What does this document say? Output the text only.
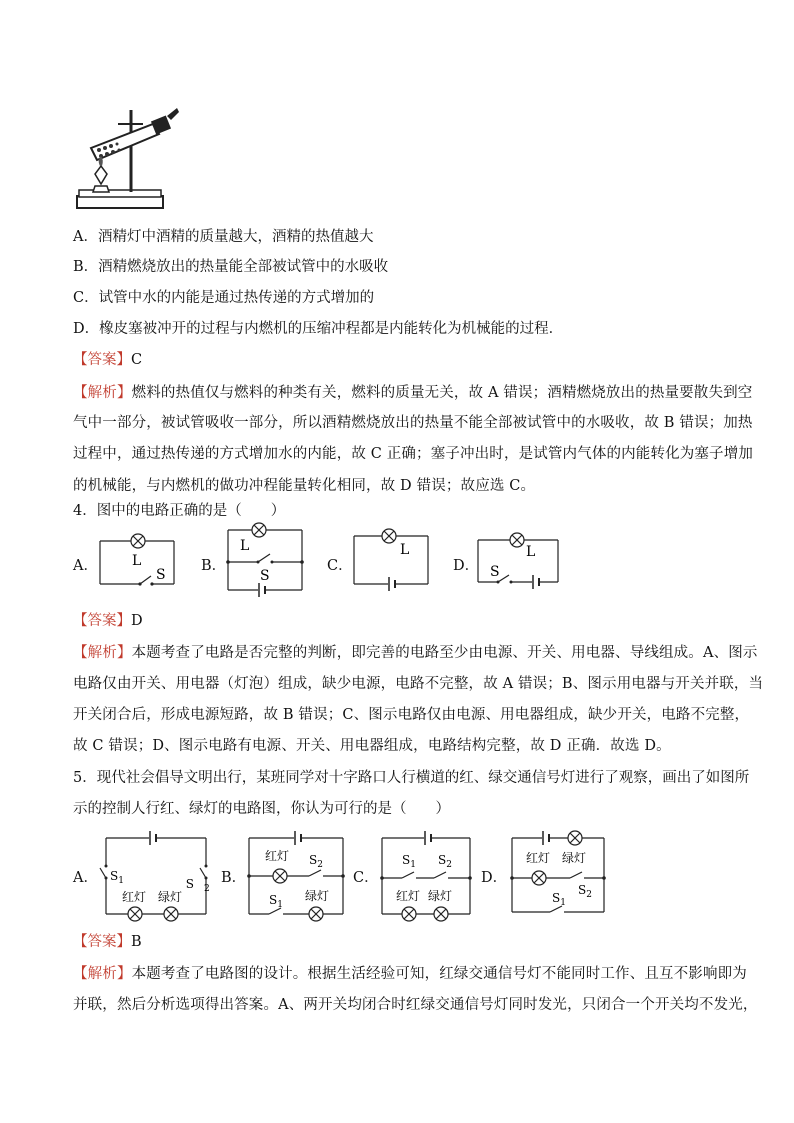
A．酒精灯中酒精的质量越大，酒精的热值越大
B．酒精燃烧放出的热量能全部被试管中的水吸收
C．试管中水的内能是通过热传递的方式增加的
D．橡皮塞被冲开的过程与内燃机的压缩冲程都是内能转化为机械能的过程．
【答案】C
【解析】燃料的热值仅与燃料的种类有关，燃料的质量无关，故 A 错误；酒精燃烧放出的热量要散失到空
气中一部分，被试管吸收一部分，所以酒精燃烧放出的热量不能全部被试管中的水吸收，故 B 错误；加热
过程中，通过热传递的方式增加水的内能，故 C 正确；塞子冲出时，是试管内气体的内能转化为塞子增加
的机械能，与内燃机的做功冲程能量转化相同，故 D 错误；故应选 C。
4．图中的电路正确的是（　　）
A．	B．	C．	D．
L
S
L
S
L	L
S
【答案】D
【解析】本题考查了电路是否完整的判断，即完善的电路至少由电源、开关、用电器、导线组成。A、图示
电路仅由开关、用电器（灯泡）组成，缺少电源，电路不完整，故 A 错误；B、图示用电器与开关并联，当
开关闭合后，形成电源短路，故 B 错误；C、图示电路仅由电源、用电器组成，缺少开关，电路不完整，
故 C 错误；D、图示电路有电源、开关、用电器组成，电路结构完整，故 D 正确．故选 D。
5．现代社会倡导文明出行，某班同学对十字路口人行横道的红、绿交通信号灯进行了观察，画出了如图所
示的控制人行红、绿灯的电路图，你认为可行的是（　　）
A．	B．	C．	D．
$S_1$	S 2
红灯 绿灯
红灯 $S_2$
$S_1$
绿灯
$S_1$ $S_2$
红灯 绿灯
红灯 绿灯
$S_2$
$S_1$
【答案】B
【解析】本题考查了电路图的设计。根据生活经验可知，红绿交通信号灯不能同时工作、且互不影响即为
并联，然后分析选项得出答案。A、两开关均闭合时红绿交通信号灯同时发光，只闭合一个开关均不发光，
